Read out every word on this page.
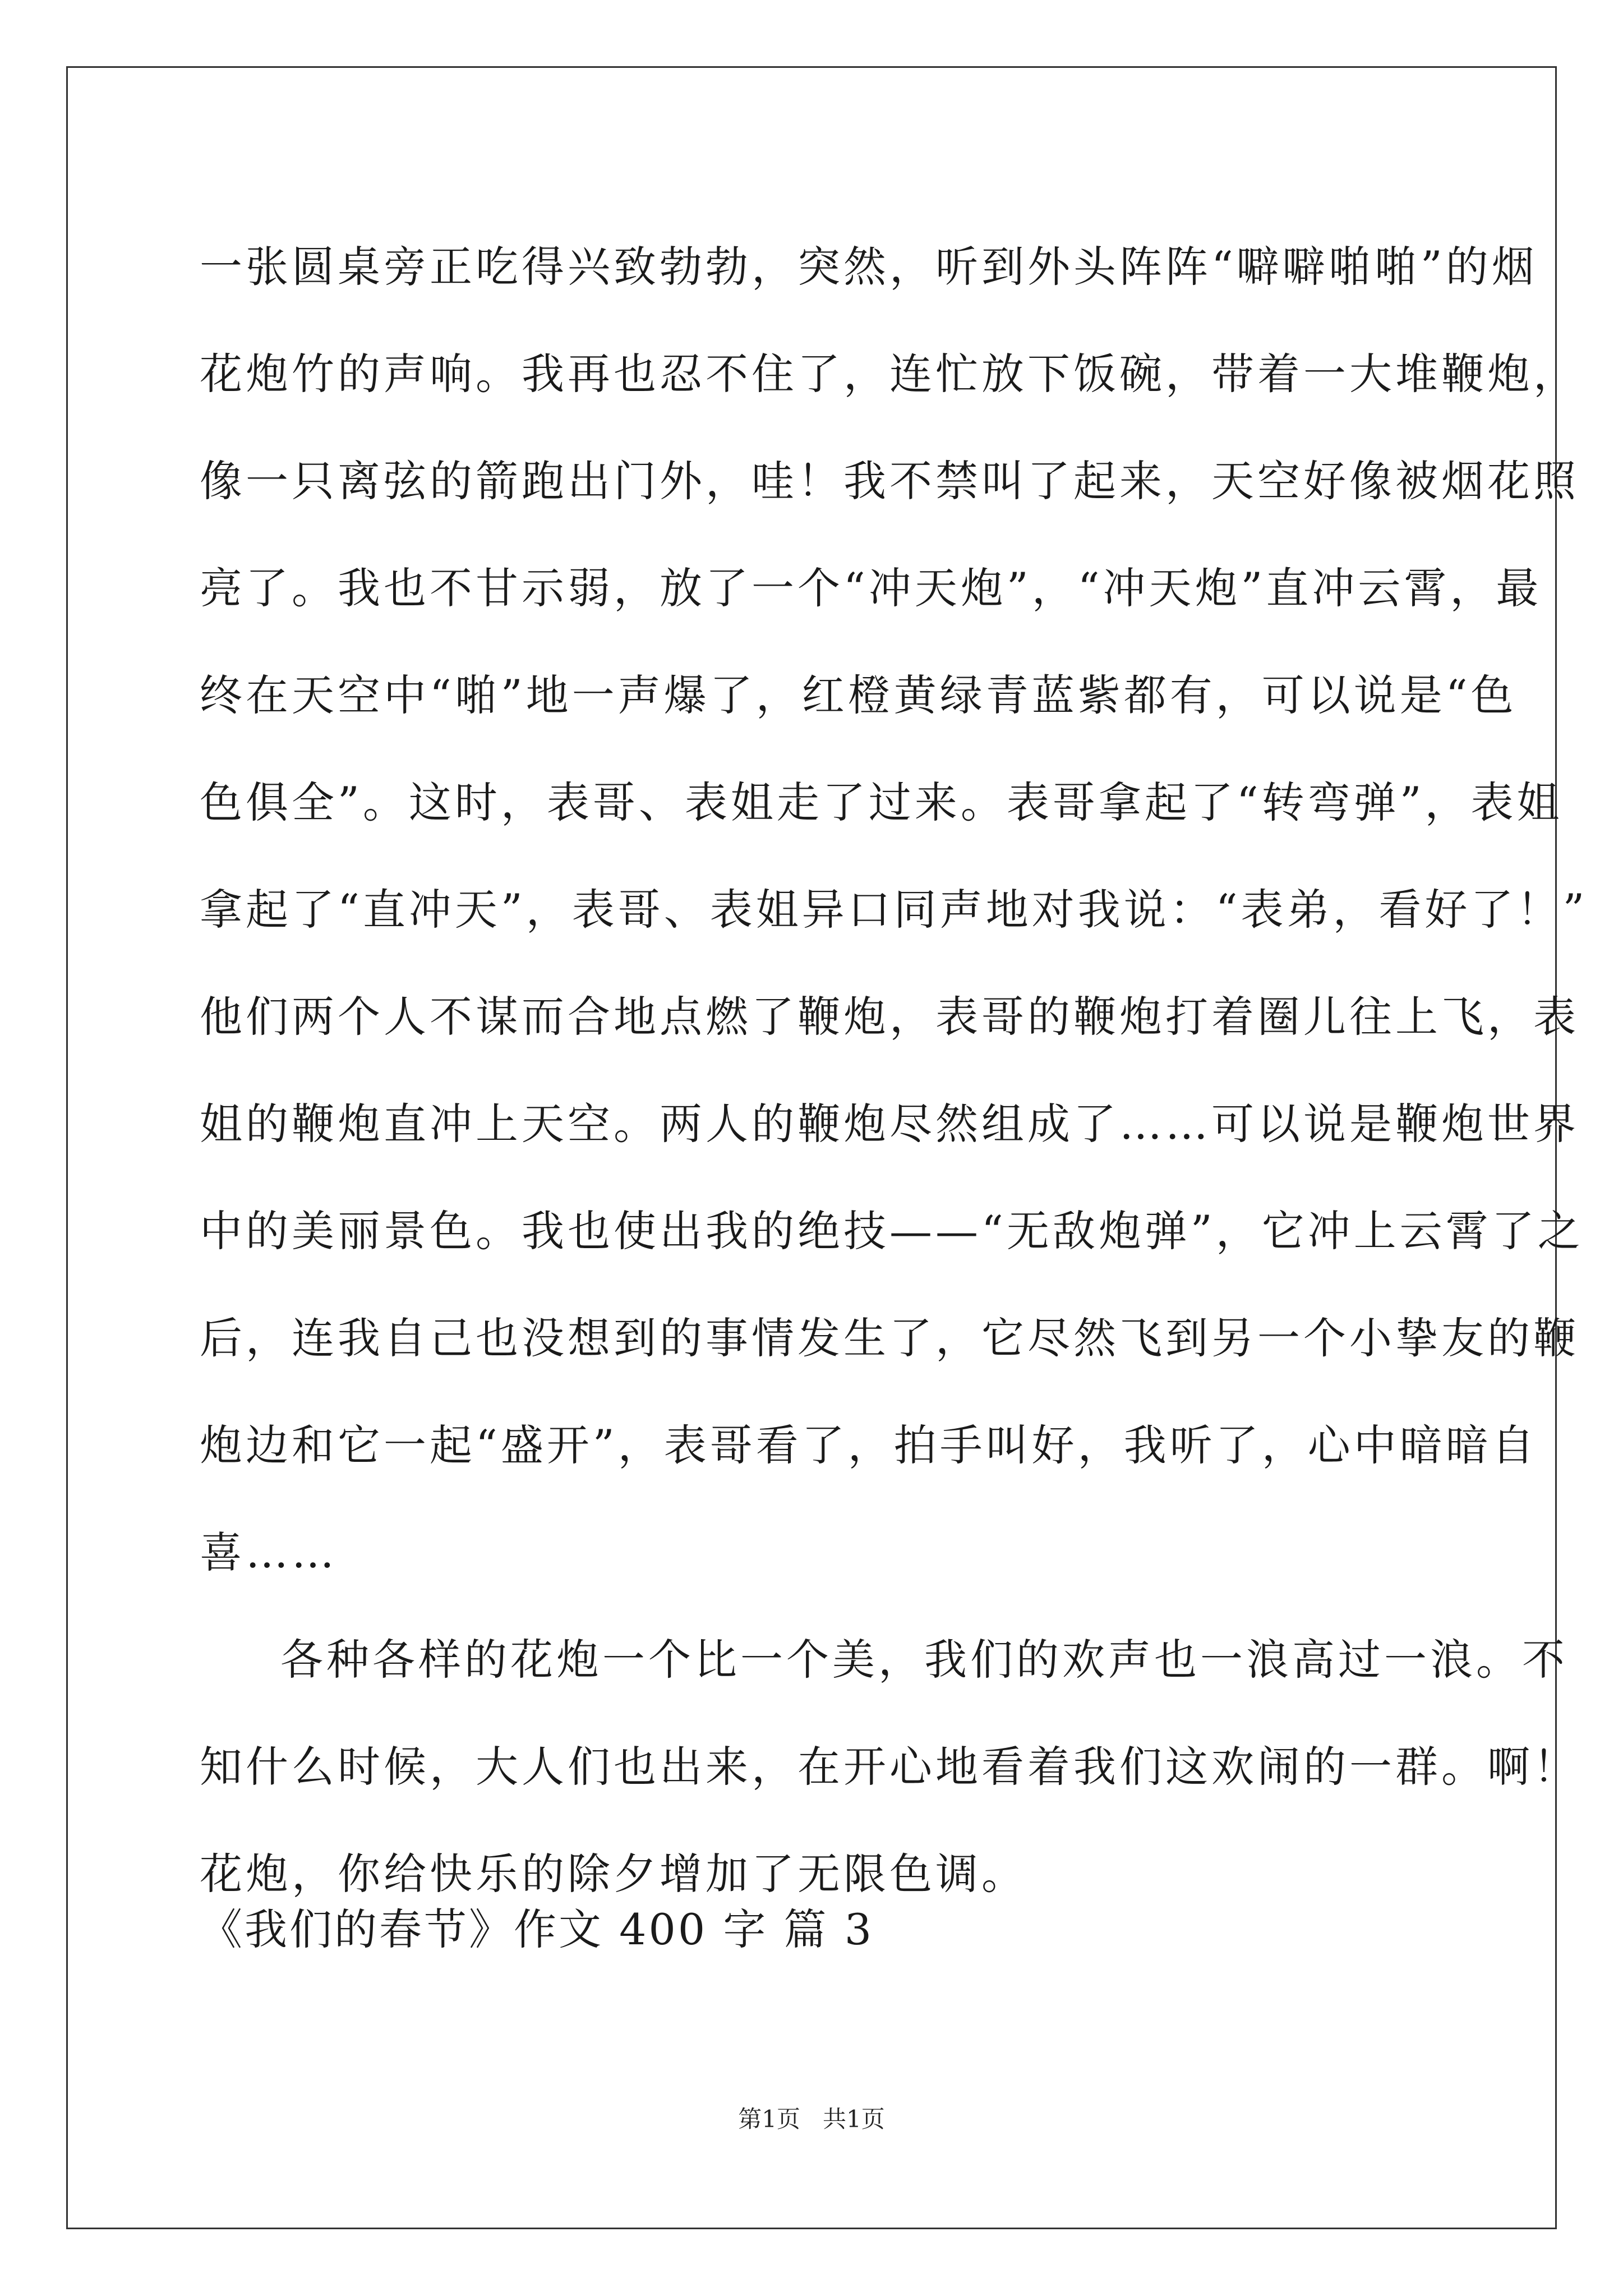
一张圆桌旁正吃得兴致勃勃，突然，听到外头阵阵“噼噼啪啪”的烟
花炮竹的声响。我再也忍不住了，连忙放下饭碗，带着一大堆鞭炮，
像一只离弦的箭跑出门外，哇！我不禁叫了起来，天空好像被烟花照
亮了。我也不甘示弱，放了一个“冲天炮”，“冲天炮”直冲云霄，最
终在天空中“啪”地一声爆了，红橙黄绿青蓝紫都有，可以说是“色
色俱全”。这时，表哥、表姐走了过来。表哥拿起了“转弯弹”，表姐
拿起了“直冲天”，表哥、表姐异口同声地对我说：“表弟，看好了！”
他们两个人不谋而合地点燃了鞭炮，表哥的鞭炮打着圈儿往上飞，表
姐的鞭炮直冲上天空。两人的鞭炮尽然组成了……可以说是鞭炮世界
中的美丽景色。我也使出我的绝技——“无敌炮弹”，它冲上云霄了之
后，连我自己也没想到的事情发生了，它尽然飞到另一个小挚友的鞭
炮边和它一起“盛开”，表哥看了，拍手叫好，我听了，心中暗暗自
喜……
各种各样的花炮一个比一个美，我们的欢声也一浪高过一浪。不
知什么时候，大人们也出来，在开心地看着我们这欢闹的一群。啊！
花炮，你给快乐的除夕增加了无限色调。
《我们的春节》作文 400 字 篇 3
第1页 共1页
